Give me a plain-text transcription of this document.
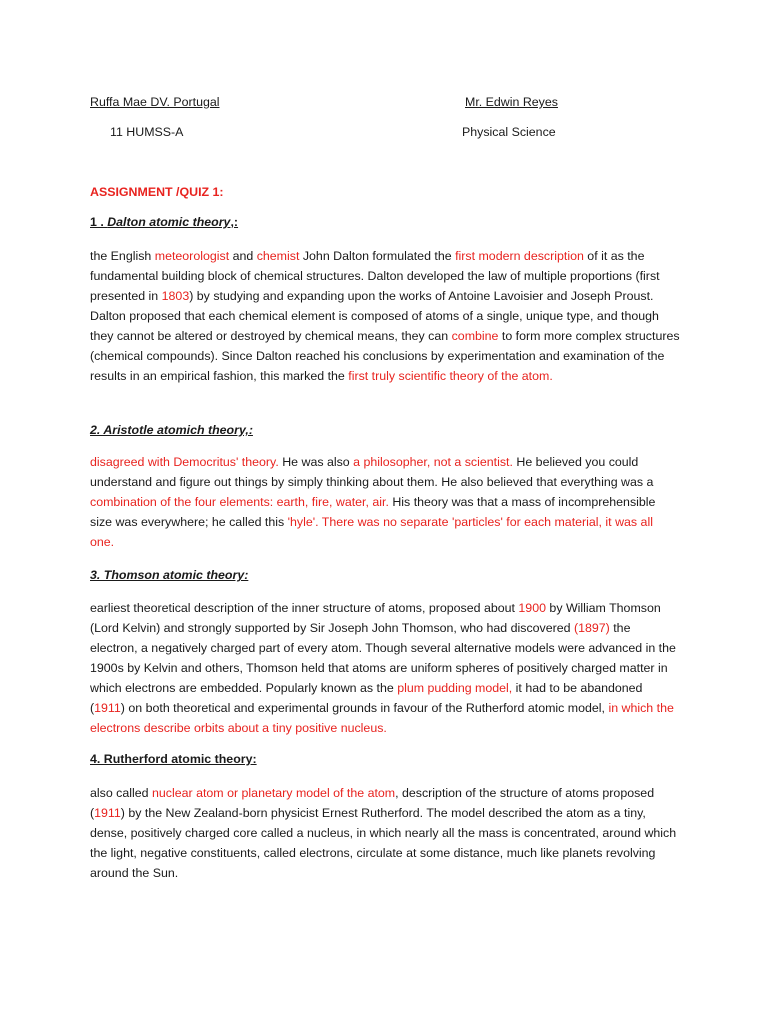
Ruffa Mae DV. Portugal	Mr. Edwin Reyes
11 HUMSS-A	Physical Science
ASSIGNMENT /QUIZ 1:
1 . Dalton atomic theory,:

the English meteorologist and chemist John Dalton formulated the first modern description of it as the fundamental building block of chemical structures. Dalton developed the law of multiple proportions (first presented in 1803) by studying and expanding upon the works of Antoine Lavoisier and Joseph Proust. Dalton proposed that each chemical element is composed of atoms of a single, unique type, and though they cannot be altered or destroyed by chemical means, they can combine to form more complex structures (chemical compounds). Since Dalton reached his conclusions by experimentation and examination of the results in an empirical fashion, this marked the first truly scientific theory of the atom.

2. Aristotle atomich theory,:

disagreed with Democritus' theory. He was also a philosopher, not a scientist. He believed you could understand and figure out things by simply thinking about them. He also believed that everything was a combination of the four elements: earth, fire, water, air. His theory was that a mass of incomprehensible size was everywhere; he called this 'hyle'. There was no separate 'particles' for each material, it was all one.

3. Thomson atomic theory:

earliest theoretical description of the inner structure of atoms, proposed about 1900 by William Thomson (Lord Kelvin) and strongly supported by Sir Joseph John Thomson, who had discovered (1897) the electron, a negatively charged part of every atom. Though several alternative models were advanced in the 1900s by Kelvin and others, Thomson held that atoms are uniform spheres of positively charged matter in which electrons are embedded. Popularly known as the plum pudding model, it had to be abandoned (1911) on both theoretical and experimental grounds in favour of the Rutherford atomic model, in which the electrons describe orbits about a tiny positive nucleus.

4. Rutherford atomic theory:

also called nuclear atom or planetary model of the atom, description of the structure of atoms proposed (1911) by the New Zealand-born physicist Ernest Rutherford. The model described the atom as a tiny, dense, positively charged core called a nucleus, in which nearly all the mass is concentrated, around which the light, negative constituents, called electrons, circulate at some distance, much like planets revolving around the Sun.
